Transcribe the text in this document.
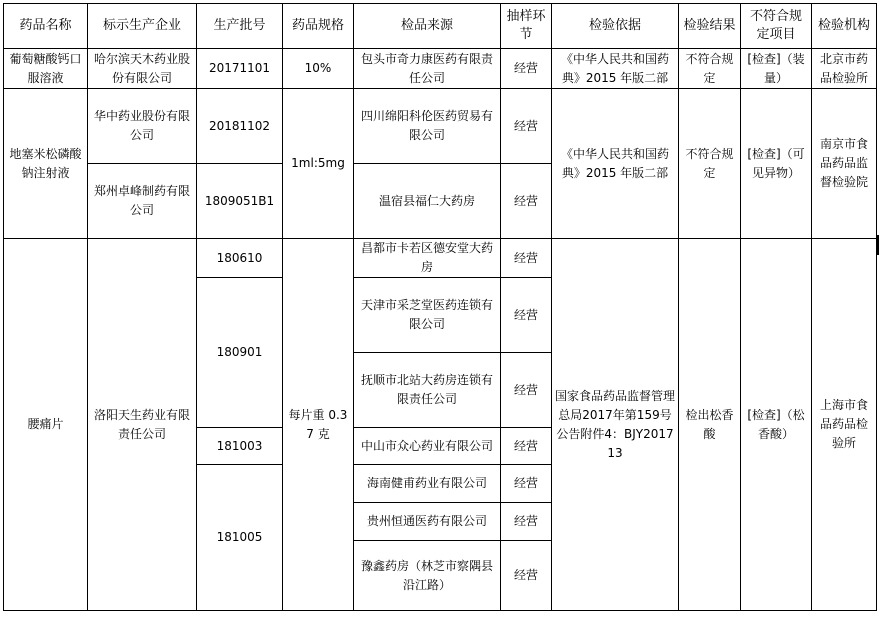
药品名称	标示生产企业	生产批号	药品规格	检品来源	抽样环节	检验依据	检验结果	不符合规定项目	检验机构
葡萄糖酸钙口服溶液	哈尔滨天木药业股份有限公司	20171101	10%	包头市奇力康医药有限责任公司	经营	《中华人民共和国药典》2015 年版二部	不符合规定	[检查]（装量）	北京市药品检验所
地塞米松磷酸钠注射液	华中药业股份有限公司	20181102	1ml:5mg	四川绵阳科伦医药贸易有限公司	经营	《中华人民共和国药典》2015 年版二部	不符合规定	[检查]（可见异物）	南京市食品药品监督检验院
	郑州卓峰制药有限公司	1809051B1		温宿县福仁大药房	经营				
腰痛片	洛阳天生药业有限责任公司	180610	每片重 0.37 克	昌都市卡若区德安堂大药房	经营	国家食品药品监督管理总局2017年第159号公告附件4：BJY201713	检出松香酸	[检查]（松香酸）	上海市食品药品检验所
		180901		天津市采芝堂医药连锁有限公司	经营				
				抚顺市北站大药房连锁有限责任公司	经营				
		181003		中山市众心药业有限公司	经营				
		181005		海南健甫药业有限公司	经营				
				贵州恒通医药有限公司	经营				
				豫鑫药房（林芝市察隅县沿江路）	经营				
